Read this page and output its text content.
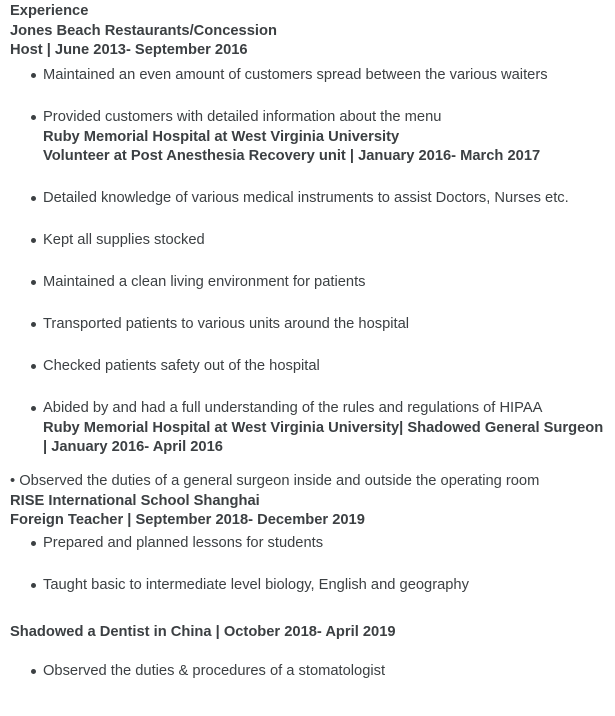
Experience
Jones Beach Restaurants/Concession
Host | June 2013- September 2016
Maintained an even amount of customers spread between the various waiters
Provided customers with detailed information about the menu
Ruby Memorial Hospital at West Virginia University
Volunteer at Post Anesthesia Recovery unit | January 2016- March 2017
Detailed knowledge of various medical instruments to assist Doctors, Nurses etc.
Kept all supplies stocked
Maintained a clean living environment for patients
Transported patients to various units around the hospital
Checked patients safety out of the hospital
Abided by and had a full understanding of the rules and regulations of HIPAA
Ruby Memorial Hospital at West Virginia University| Shadowed General Surgeon | January 2016- April 2016

• Observed the duties of a general surgeon inside and outside the operating room

RISE International School Shanghai
Foreign Teacher | September 2018- December 2019
Prepared and planned lessons for students
Taught basic to intermediate level biology, English and geography
Shadowed a Dentist in China | October 2018- April 2019
Observed the duties & procedures of a stomatologist
